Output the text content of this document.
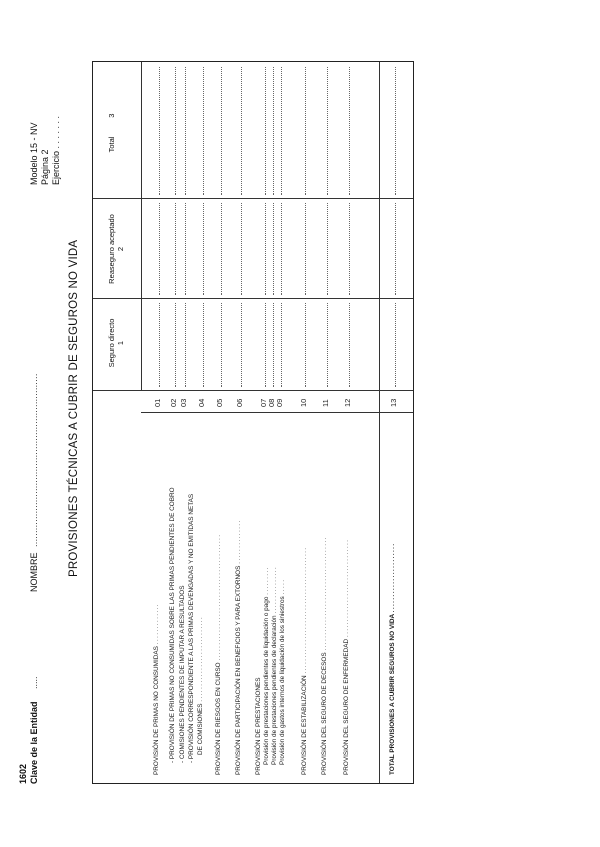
1602 Clave de la Entidad
.....
NOMBRE
..............................................................
Modelo 15 - NV Página 2 Ejercicio . . . . . . .
PROVISIONES TÉCNICAS A CUBRIR DE SEGUROS NO VIDA	Seguro directo 1
Reaseguro aceptado 2
Total         3
PROVISIÓN DE PRIMAS NO CONSUMIDAS .............
01
- PROVISIÓN DE PRIMAS NO CONSUMIDAS SOBRE LAS PRIMAS PENDIENTES DE COBRO
02
- COMISIONES PENDIENTES DE IMPUTAR A RESULTADOS
03
- PROVISIÓN CORRESPONDIENTE A LAS PRIMAS DEVENGADAS Y NO EMITIDAS NETAS DE COMISIONES ...........................
04
PROVISIÓN DE RIESGOS EN CURSO ........................................
05
PROVISIÓN DE PARTICIPACIÓN EN BENEFICIOS Y PARA EXTORNOS ..............
06
PROVISIÓN DE PRESTACIONES Provisión de prestaciones pendientes de liquidación o pago .........
07
Provisión de prestaciones pendientes de declaración ...............
08
Provisión de gastos internos de liquidación de los siniestros .....
09
PROVISIÓN DE ESTABILIZACIÓN ........................................
10
PROVISIÓN DEL SEGURO DE DECESOS ....................................
11
PROVISIÓN DEL SEGURO DE ENFERMEDAD ...............................
12
TOTAL PROVISIONES A CUBRIR SEGUROS NO VIDA ......................
13
